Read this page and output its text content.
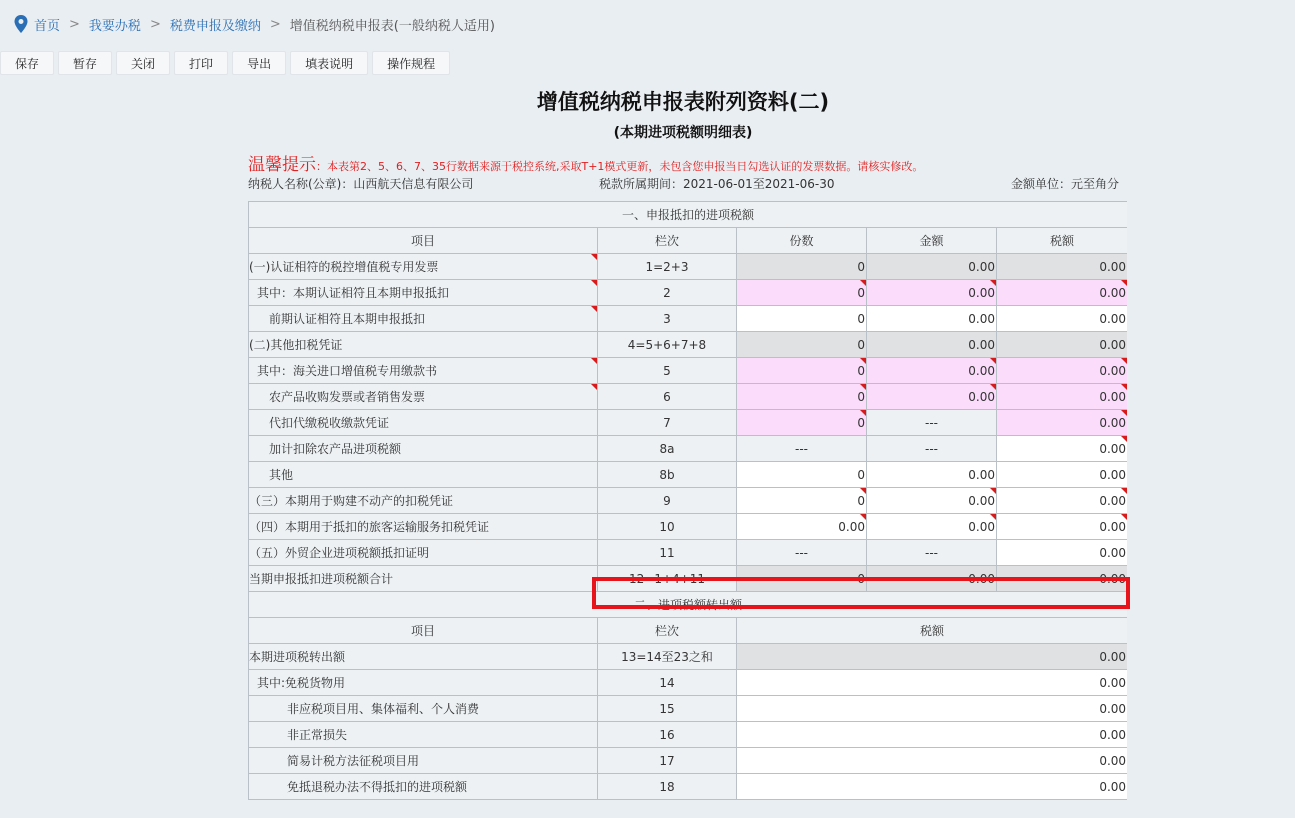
首页 > 我要办税 > 税费申报及缴纳 > 增值税纳税申报表(一般纳税人适用)
保存	暂存	关闭	打印	导出	填表说明	操作规程
增值税纳税申报表附列资料(二)
(本期进项税额明细表)
温馨提示：本表第2、5、6、7、35行数据来源于税控系统,采取T+1模式更新，未包含您申报当日勾选认证的发票数据。请核实修改。
纳税人名称(公章)：山西航天信息有限公司	税款所属期间：2021-06-01至2021-06-30	金额单位：元至角分
一、申报抵扣的进项税额				
项目	栏次	份数	金额	税额
(一)认证相符的税控增值税专用发票	1=2+3	0	0.00	0.00
其中：本期认证相符且本期申报抵扣	2	0	0.00	0.00
前期认证相符且本期申报抵扣	3	0	0.00	0.00
(二)其他扣税凭证	4=5+6+7+8	0	0.00	0.00
其中：海关进口增值税专用缴款书	5	0	0.00	0.00
农产品收购发票或者销售发票	6	0	0.00	0.00
代扣代缴税收缴款凭证	7	0	---	0.00
加计扣除农产品进项税额	8a	---	---	0.00
其他	8b	0	0.00	0.00
（三）本期用于购建不动产的扣税凭证	9	0	0.00	0.00
（四）本期用于抵扣的旅客运输服务扣税凭证	10	0.00	0.00	0.00
（五）外贸企业进项税额抵扣证明	11	---	---	0.00
当期申报抵扣进项税额合计	12=1+4+11	0	0.00	0.00
二、进项税额转出额				
项目	栏次	税额		
本期进项税转出额	13=14至23之和	0.00		
其中:免税货物用	14	0.00		
非应税项目用、集体福利、个人消费	15	0.00		
非正常损失	16	0.00		
简易计税方法征税项目用	17	0.00		
免抵退税办法不得抵扣的进项税额	18	0.00		
